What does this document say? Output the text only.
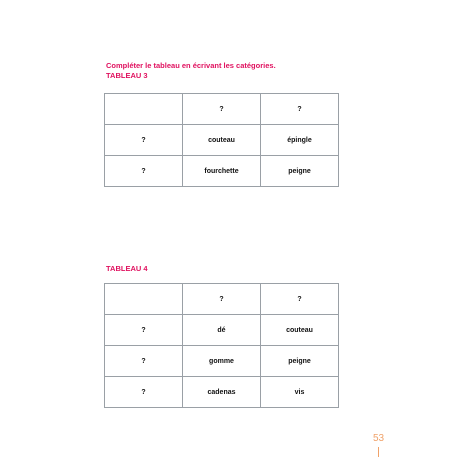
Compléter le tableau en écrivant les catégories.
TABLEAU 3
	?	?
?	couteau	épingle
?	fourchette	peigne
TABLEAU 4
	?	?
?	dé	couteau
?	gomme	peigne
?	cadenas	vis
53
